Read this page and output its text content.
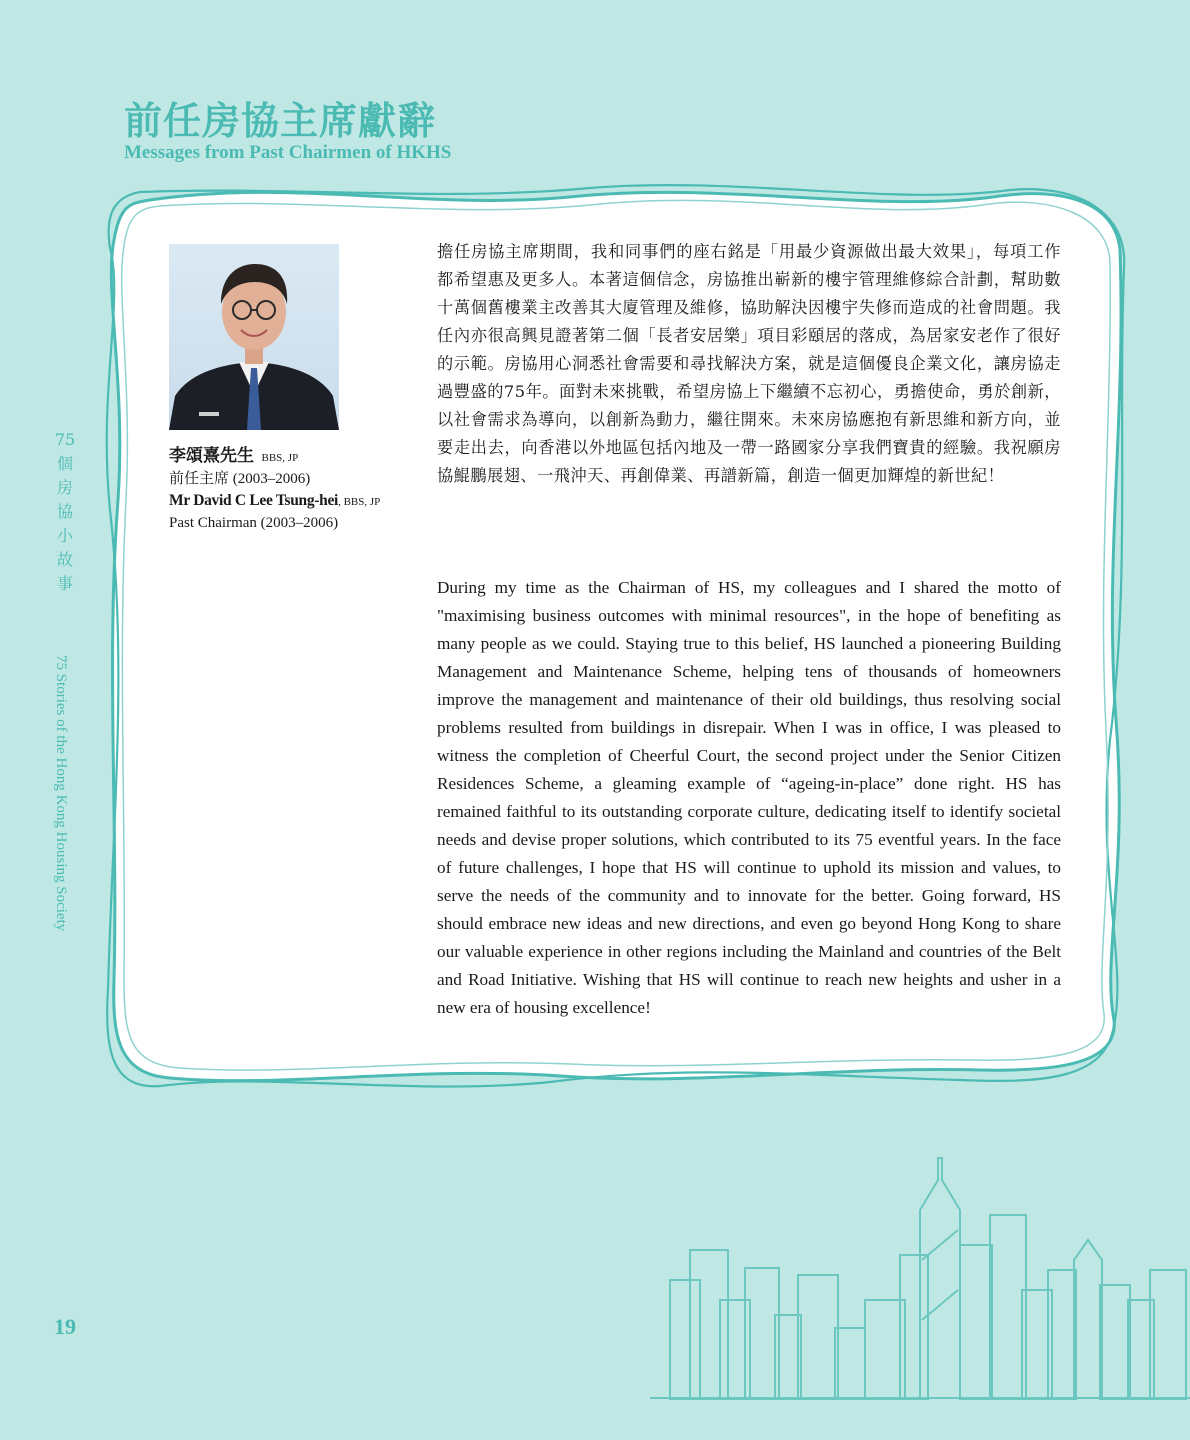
前任房協主席獻辭
Messages from Past Chairmen of HKHS
75
個
房
協
小
故
事
75 Stories of the Hong Kong Housing Society
19
李頌熹先生 BBS, JP
前任主席 (2003–2006)
Mr David C Lee Tsung-hei, BBS, JP
Past Chairman (2003–2006)

擔任房協主席期間，我和同事們的座右銘是「用最少資源做出最大效果」，每項工作都希望惠及更多人。本著這個信念，房協推出嶄新的樓宇管理維修綜合計劃，幫助數十萬個舊樓業主改善其大廈管理及維修，協助解決因樓宇失修而造成的社會問題。我任內亦很高興見證著第二個「長者安居樂」項目彩頤居的落成，為居家安老作了很好的示範。房協用心洞悉社會需要和尋找解決方案，就是這個優良企業文化，讓房協走過豐盛的75年。面對未來挑戰，希望房協上下繼續不忘初心，勇擔使命，勇於創新，以社會需求為導向，以創新為動力，繼往開來。未來房協應抱有新思維和新方向，並要走出去，向香港以外地區包括內地及一帶一路國家分享我們寶貴的經驗。我祝願房協鯤鵬展翅、一飛沖天、再創偉業、再譜新篇，創造一個更加輝煌的新世紀！

During my time as the Chairman of HS, my colleagues and I shared the motto of "maximising business outcomes with minimal resources", in the hope of benefiting as many people as we could. Staying true to this belief, HS launched a pioneering Building Management and Maintenance Scheme, helping tens of thousands of homeowners improve the management and maintenance of their old buildings, thus resolving social problems resulted from buildings in disrepair. When I was in office, I was pleased to witness the completion of Cheerful Court, the second project under the Senior Citizen Residences Scheme, a gleaming example of “ageing-in-place” done right. HS has remained faithful to its outstanding corporate culture, dedicating itself to identify societal needs and devise proper solutions, which contributed to its 75 eventful years. In the face of future challenges, I hope that HS will continue to uphold its mission and values, to serve the needs of the community and to innovate for the better. Going forward, HS should embrace new ideas and new directions, and even go beyond Hong Kong to share our valuable experience in other regions including the Mainland and countries of the Belt and Road Initiative. Wishing that HS will continue to reach new heights and usher in a new era of housing excellence!
